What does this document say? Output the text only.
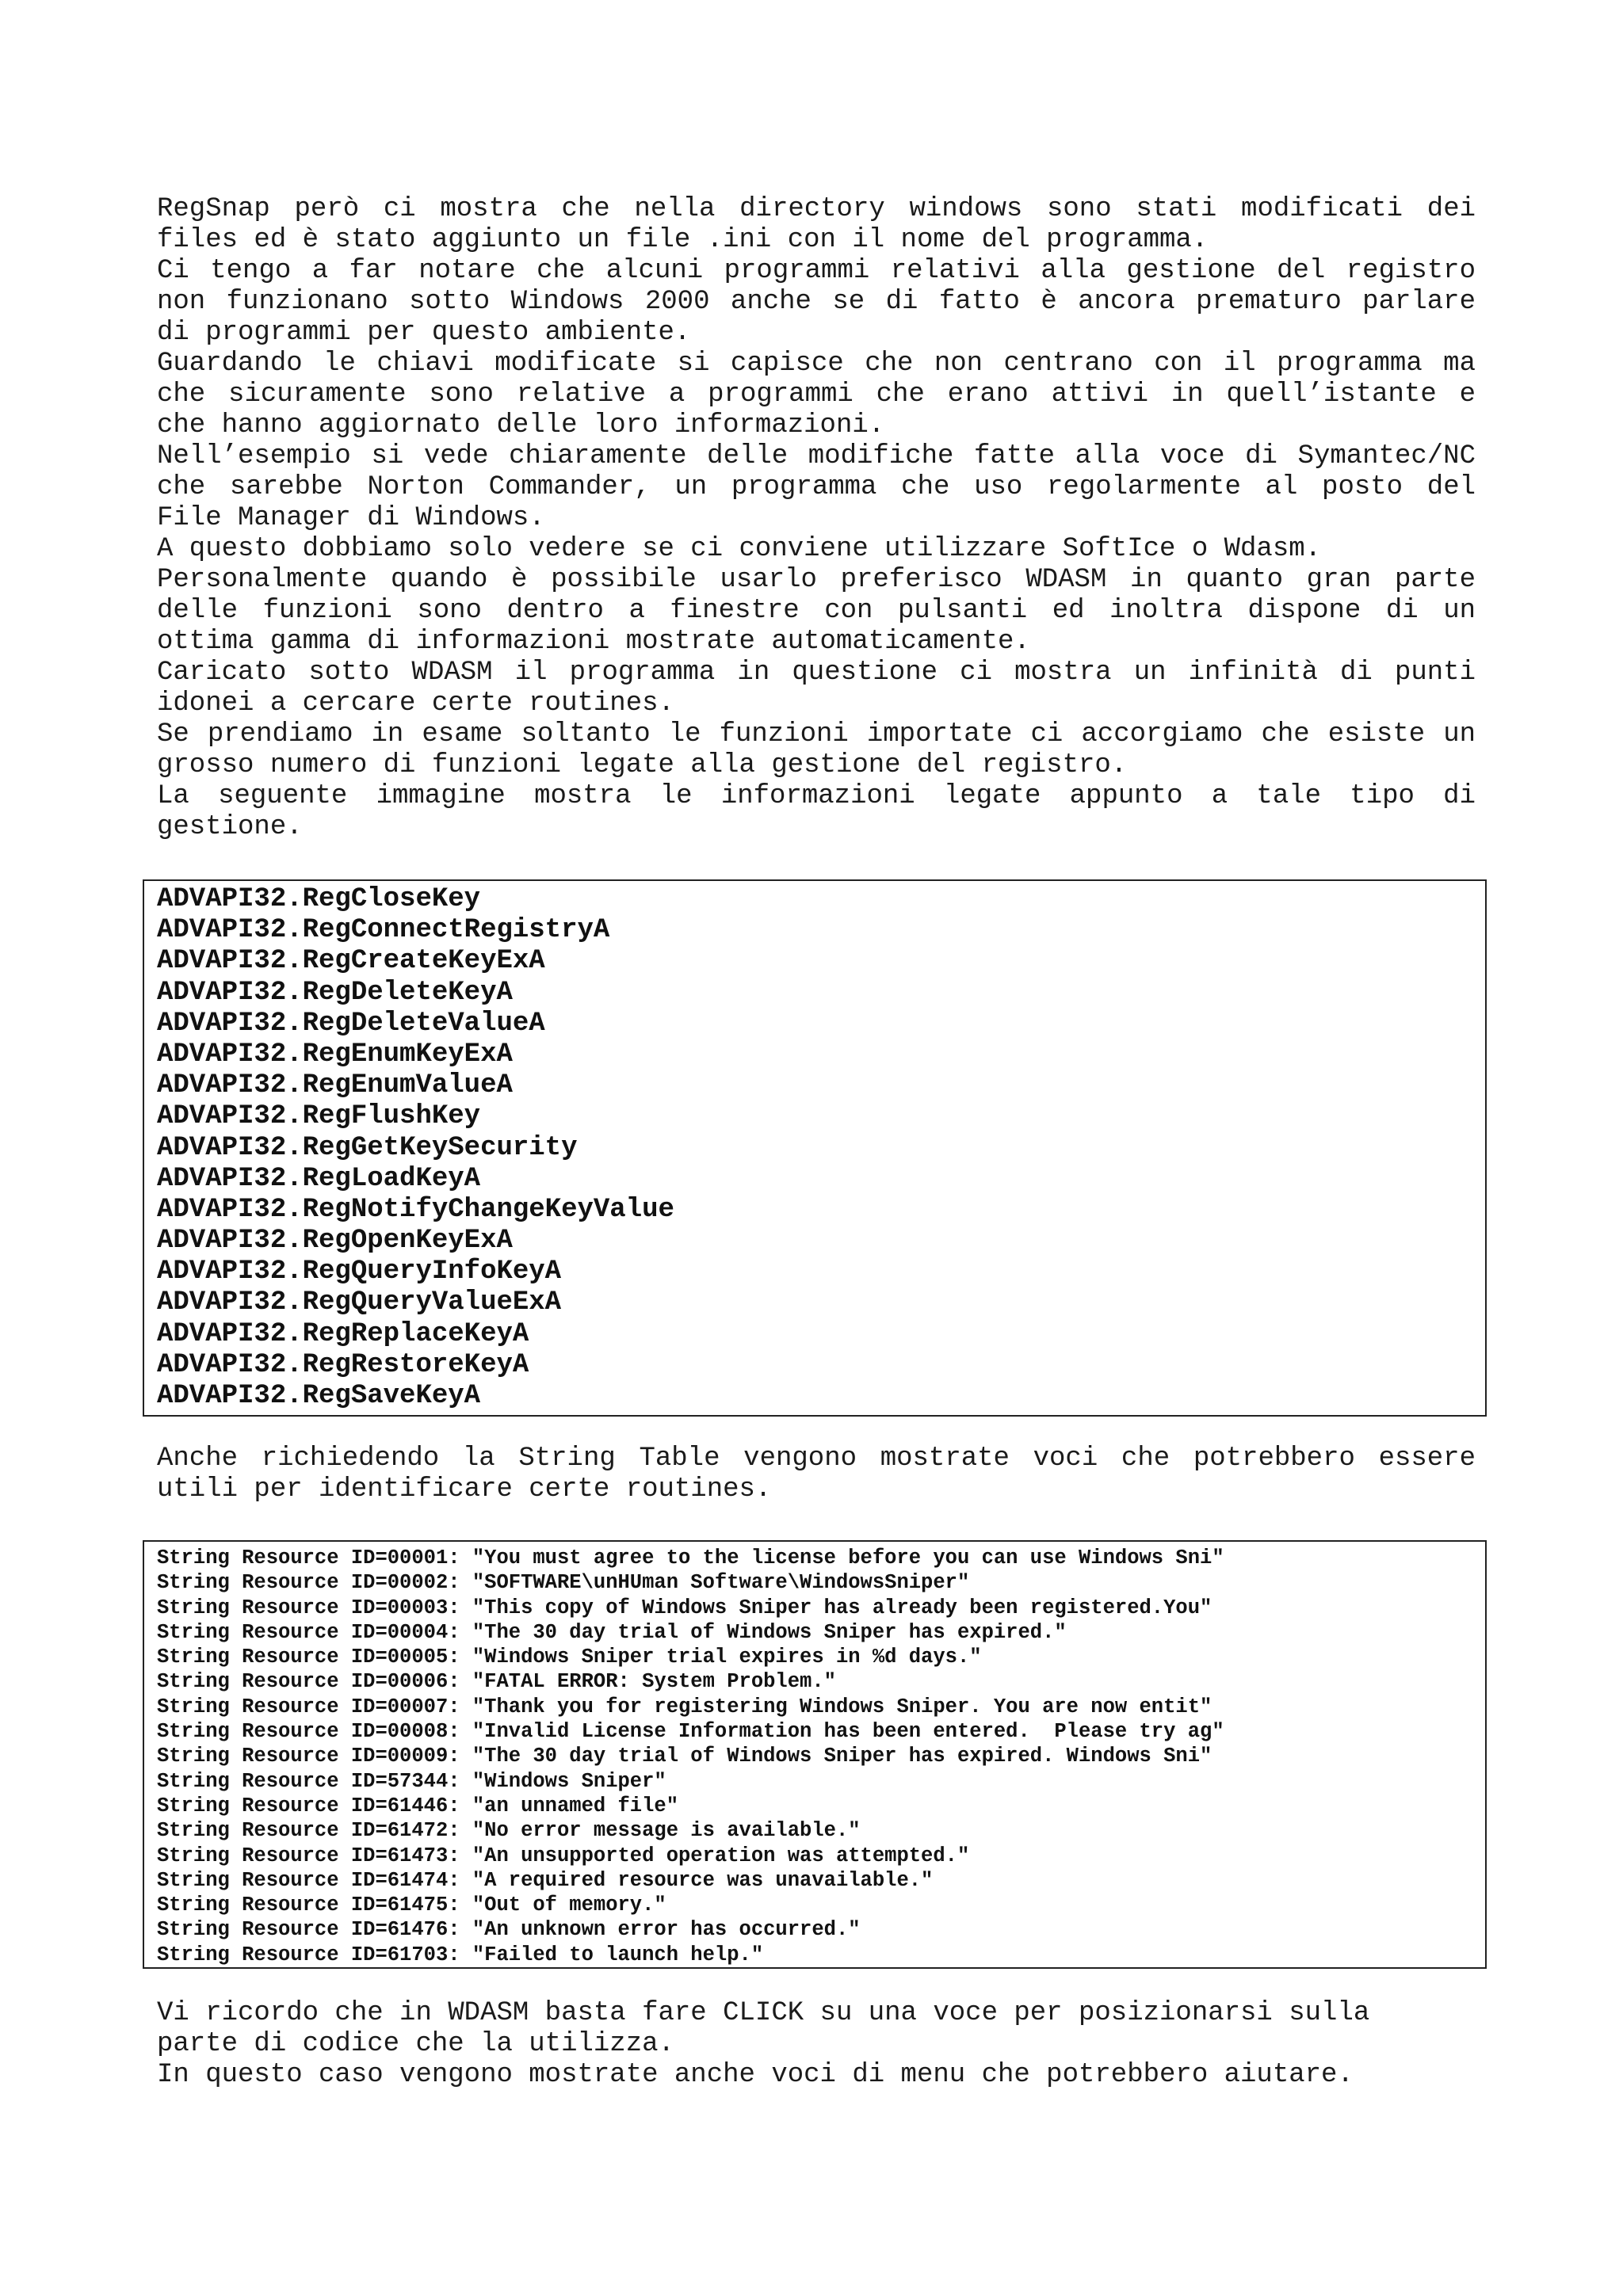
RegSnap però ci mostra che nella directory windows sono stati modificati dei
files ed è stato aggiunto un file .ini con il nome del programma.
Ci tengo a far notare che alcuni programmi relativi alla gestione del registro
non funzionano sotto Windows 2000 anche se di fatto è ancora prematuro parlare
di programmi per questo ambiente.
Guardando le chiavi modificate si capisce che non centrano con il programma ma
che sicuramente sono relative a programmi che erano attivi in quell’istante e
che hanno aggiornato delle loro informazioni.
Nell’esempio si vede chiaramente delle modifiche fatte alla voce di Symantec/NC
che sarebbe Norton Commander, un programma che uso regolarmente al posto del
File Manager di Windows.
A questo dobbiamo solo vedere se ci conviene utilizzare SoftIce o Wdasm.
Personalmente quando è possibile usarlo preferisco WDASM in quanto gran parte
delle funzioni sono dentro a finestre con pulsanti ed inoltra dispone di un
ottima gamma di informazioni mostrate automaticamente.
Caricato sotto WDASM il programma in questione ci mostra un infinità di punti
idonei a cercare certe routines.
Se prendiamo in esame soltanto le funzioni importate ci accorgiamo che esiste un
grosso numero di funzioni legate alla gestione del registro.
La seguente immagine mostra le informazioni legate appunto a tale tipo di
gestione.
ADVAPI32.RegCloseKey
ADVAPI32.RegConnectRegistryA
ADVAPI32.RegCreateKeyExA
ADVAPI32.RegDeleteKeyA
ADVAPI32.RegDeleteValueA
ADVAPI32.RegEnumKeyExA
ADVAPI32.RegEnumValueA
ADVAPI32.RegFlushKey
ADVAPI32.RegGetKeySecurity
ADVAPI32.RegLoadKeyA
ADVAPI32.RegNotifyChangeKeyValue
ADVAPI32.RegOpenKeyExA
ADVAPI32.RegQueryInfoKeyA
ADVAPI32.RegQueryValueExA
ADVAPI32.RegReplaceKeyA
ADVAPI32.RegRestoreKeyA
ADVAPI32.RegSaveKeyA
Anche richiedendo la String Table vengono mostrate voci che potrebbero essere
utili per identificare certe routines.
String Resource ID=00001: "You must agree to the license before you can use Windows Sni"
String Resource ID=00002: "SOFTWARE\unHUman Software\WindowsSniper"
String Resource ID=00003: "This copy of Windows Sniper has already been registered.You"
String Resource ID=00004: "The 30 day trial of Windows Sniper has expired."
String Resource ID=00005: "Windows Sniper trial expires in %d days."
String Resource ID=00006: "FATAL ERROR: System Problem."
String Resource ID=00007: "Thank you for registering Windows Sniper. You are now entit"
String Resource ID=00008: "Invalid License Information has been entered.  Please try ag"
String Resource ID=00009: "The 30 day trial of Windows Sniper has expired. Windows Sni"
String Resource ID=57344: "Windows Sniper"
String Resource ID=61446: "an unnamed file"
String Resource ID=61472: "No error message is available."
String Resource ID=61473: "An unsupported operation was attempted."
String Resource ID=61474: "A required resource was unavailable."
String Resource ID=61475: "Out of memory."
String Resource ID=61476: "An unknown error has occurred."
String Resource ID=61703: "Failed to launch help."
Vi ricordo che in WDASM basta fare CLICK su una voce per posizionarsi sulla
parte di codice che la utilizza.
In questo caso vengono mostrate anche voci di menu che potrebbero aiutare.
